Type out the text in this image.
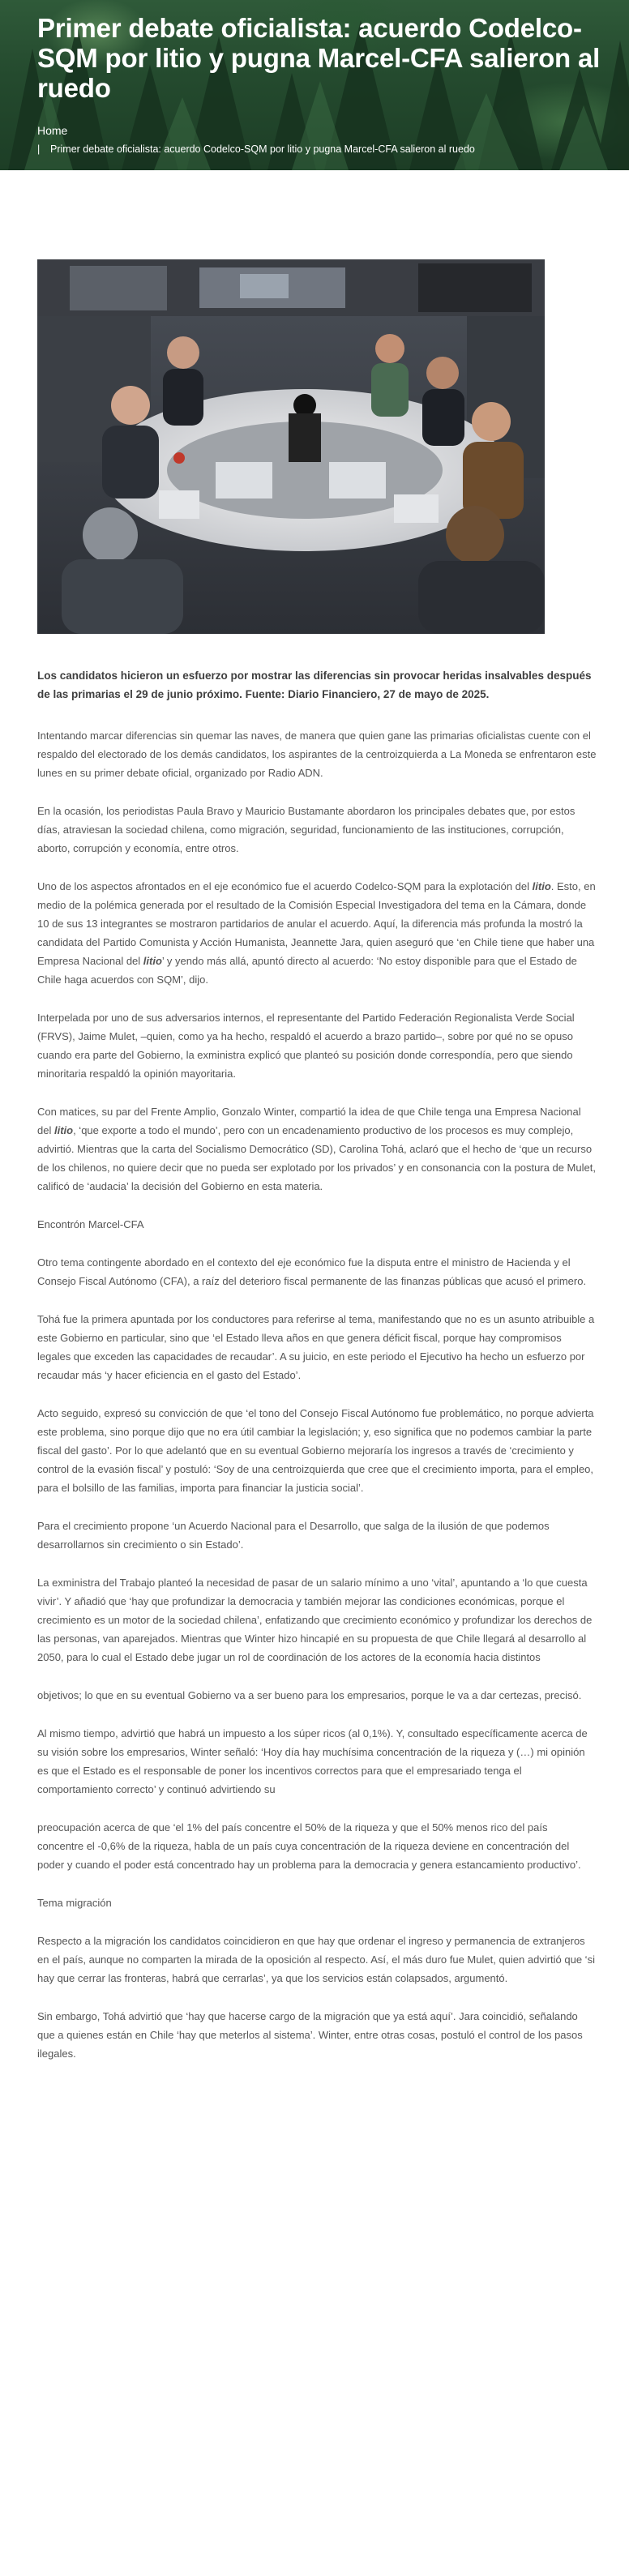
Primer debate oficialista: acuerdo Codelco-SQM por litio y pugna Marcel-CFA salieron al ruedo
Home
| Primer debate oficialista: acuerdo Codelco-SQM por litio y pugna Marcel-CFA salieron al ruedo

Los candidatos hicieron un esfuerzo por mostrar las diferencias sin provocar heridas insalvables después de las primarias el 29 de junio próximo. Fuente: Diario Financiero, 27 de mayo de 2025.

Intentando marcar diferencias sin quemar las naves, de manera que quien gane las primarias oficialistas cuente con el respaldo del electorado de los demás candidatos, los aspirantes de la centroizquierda a La Moneda se enfrentaron este lunes en su primer debate oficial, organizado por Radio ADN.

En la ocasión, los periodistas Paula Bravo y Mauricio Bustamante abordaron los principales debates que, por estos días, atraviesan la sociedad chilena, como migración, seguridad, funcionamiento de las instituciones, corrupción, aborto, corrupción y economía, entre otros.

Uno de los aspectos afrontados en el eje económico fue el acuerdo Codelco-SQM para la explotación del litio. Esto, en medio de la polémica generada por el resultado de la Comisión Especial Investigadora del tema en la Cámara, donde 10 de sus 13 integrantes se mostraron partidarios de anular el acuerdo. Aquí, la diferencia más profunda la mostró la candidata del Partido Comunista y Acción Humanista, Jeannette Jara, quien aseguró que ‘en Chile tiene que haber una Empresa Nacional del litio’ y yendo más allá, apuntó directo al acuerdo: ‘No estoy disponible para que el Estado de Chile haga acuerdos con SQM’, dijo.

Interpelada por uno de sus adversarios internos, el representante del Partido Federación Regionalista Verde Social (FRVS), Jaime Mulet, –quien, como ya ha hecho, respaldó el acuerdo a brazo partido–, sobre por qué no se opuso cuando era parte del Gobierno, la exministra explicó que planteó su posición donde correspondía, pero que siendo minoritaria respaldó la opinión mayoritaria.

Con matices, su par del Frente Amplio, Gonzalo Winter, compartió la idea de que Chile tenga una Empresa Nacional del litio, ‘que exporte a todo el mundo’, pero con un encadenamiento productivo de los procesos es muy complejo, advirtió. Mientras que la carta del Socialismo Democrático (SD), Carolina Tohá, aclaró que el hecho de ‘que un recurso de los chilenos, no quiere decir que no pueda ser explotado por los privados’ y en consonancia con la postura de Mulet, calificó de ‘audacia’ la decisión del Gobierno en esta materia.

Encontrón Marcel-CFA

Otro tema contingente abordado en el contexto del eje económico fue la disputa entre el ministro de Hacienda y el Consejo Fiscal Autónomo (CFA), a raíz del deterioro fiscal permanente de las finanzas públicas que acusó el primero.

Tohá fue la primera apuntada por los conductores para referirse al tema, manifestando que no es un asunto atribuible a este Gobierno en particular, sino que ‘el Estado lleva años en que genera déficit fiscal, porque hay compromisos legales que exceden las capacidades de recaudar’. A su juicio, en este periodo el Ejecutivo ha hecho un esfuerzo por recaudar más ‘y hacer eficiencia en el gasto del Estado’.

Acto seguido, expresó su convicción de que ‘el tono del Consejo Fiscal Autónomo fue problemático, no porque advierta este problema, sino porque dijo que no era útil cambiar la legislación; y, eso significa que no podemos cambiar la parte fiscal del gasto’. Por lo que adelantó que en su eventual Gobierno mejoraría los ingresos a través de ‘crecimiento y control de la evasión fiscal’ y postuló: ‘Soy de una centroizquierda que cree que el crecimiento importa, para el empleo, para el bolsillo de las familias, importa para financiar la justicia social’.

Para el crecimiento propone ‘un Acuerdo Nacional para el Desarrollo, que salga de la ilusión de que podemos desarrollarnos sin crecimiento o sin Estado’.

La exministra del Trabajo planteó la necesidad de pasar de un salario mínimo a uno ‘vital’, apuntando a ‘lo que cuesta vivir’. Y añadió que ‘hay que profundizar la democracia y también mejorar las condiciones económicas, porque el crecimiento es un motor de la sociedad chilena’, enfatizando que crecimiento económico y profundizar los derechos de las personas, van aparejados. Mientras que Winter hizo hincapié en su propuesta de que Chile llegará al desarrollo al 2050, para lo cual el Estado debe jugar un rol de coordinación de los actores de la economía hacia distintos

objetivos; lo que en su eventual Gobierno va a ser bueno para los empresarios, porque le va a dar certezas, precisó.

Al mismo tiempo, advirtió que habrá un impuesto a los súper ricos (al 0,1%). Y, consultado específicamente acerca de su visión sobre los empresarios, Winter señaló: ‘Hoy día hay muchísima concentración de la riqueza y (…) mi opinión es que el Estado es el responsable de poner los incentivos correctos para que el empresariado tenga el comportamiento correcto’ y continuó advirtiendo su

preocupación acerca de que ‘el 1% del país concentre el 50% de la riqueza y que el 50% menos rico del país concentre el -0,6% de la riqueza, habla de un país cuya concentración de la riqueza deviene en concentración del poder y cuando el poder está concentrado hay un problema para la democracia y genera estancamiento productivo’.

Tema migración

Respecto a la migración los candidatos coincidieron en que hay que ordenar el ingreso y permanencia de extranjeros en el país, aunque no comparten la mirada de la oposición al respecto. Así, el más duro fue Mulet, quien advirtió que ‘si hay que cerrar las fronteras, habrá que cerrarlas’, ya que los servicios están colapsados, argumentó.

Sin embargo, Tohá advirtió que ‘hay que hacerse cargo de la migración que ya está aquí’. Jara coincidió, señalando que a quienes están en Chile ‘hay que meterlos al sistema’. Winter, entre otras cosas, postuló el control de los pasos ilegales.
